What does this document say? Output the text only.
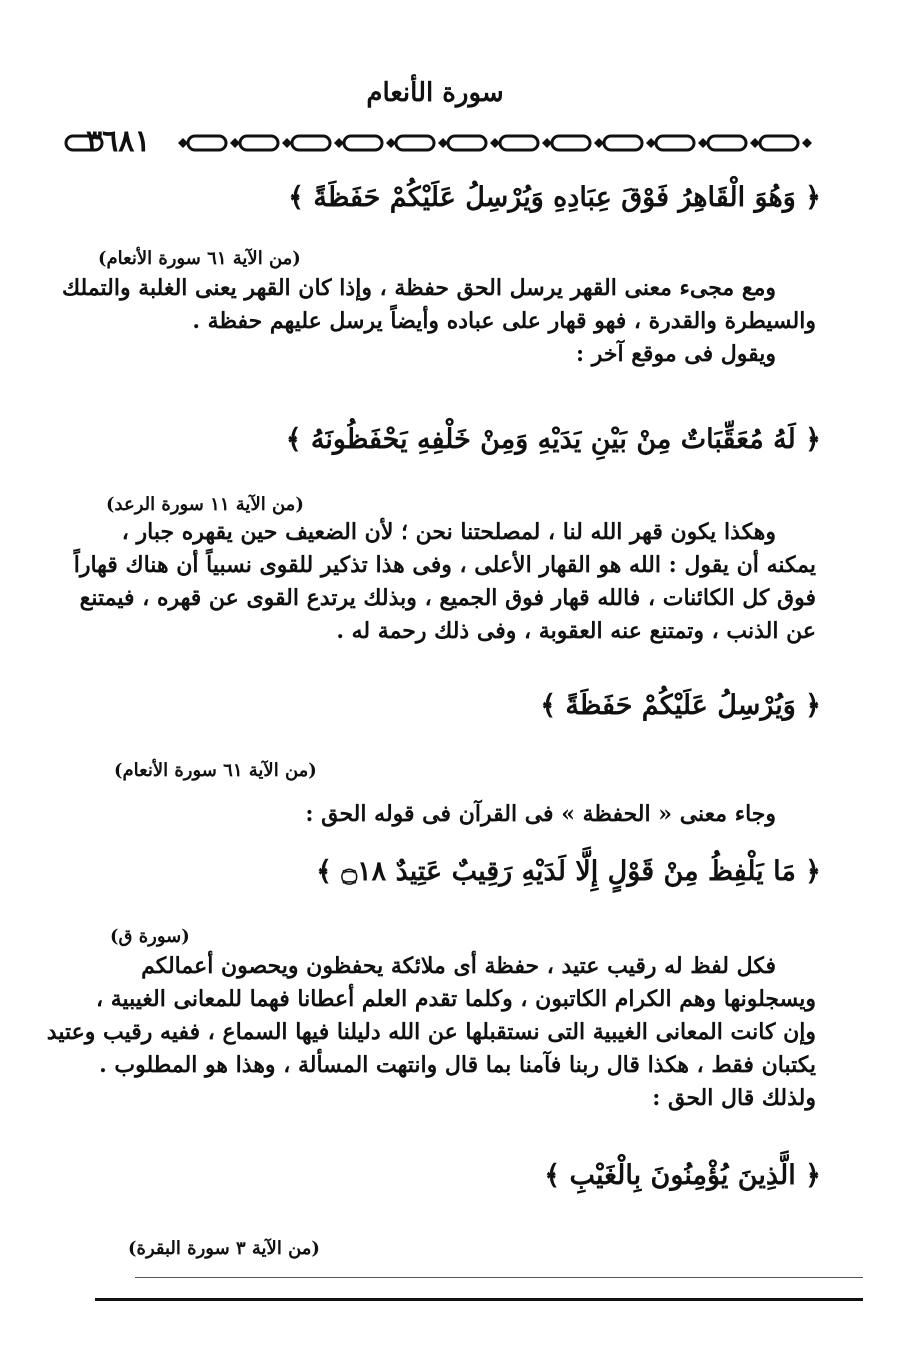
سورة الأنعام
٣٦٨١
﴿ وَهُوَ الْقَاهِرُ فَوْقَ عِبَادِهِ وَيُرْسِلُ عَلَيْكُمْ حَفَظَةً ﴾
(من الآية ٦١ سورة الأنعام)
ومع مجىء معنى القهر يرسل الحق حفظة ، وإذا كان القهر يعنى الغلبة والتملك
والسيطرة والقدرة ، فهو قهار على عباده وأيضاً يرسل عليهم حفظة .
ويقول فى موقع آخر :
﴿ لَهُ مُعَقِّبَاتٌ مِنْ بَيْنِ يَدَيْهِ وَمِنْ خَلْفِهِ يَحْفَظُونَهُ ﴾
(من الآية ١١ سورة الرعد)
وهكذا يكون قهر الله لنا ، لمصلحتنا نحن ؛ لأن الضعيف حين يقهره جبار ،
يمكنه أن يقول : الله هو القهار الأعلى ، وفى هذا تذكير للقوى نسبياً أن هناك قهاراً
فوق كل الكائنات ، فالله قهار فوق الجميع ، وبذلك يرتدع القوى عن قهره ، فيمتنع
عن الذنب ، وتمتنع عنه العقوبة ، وفى ذلك رحمة له .
﴿ وَيُرْسِلُ عَلَيْكُمْ حَفَظَةً ﴾
(من الآية ٦١ سورة الأنعام)
وجاء معنى « الحفظة » فى القرآن فى قوله الحق :
﴿ مَا يَلْفِظُ مِنْ قَوْلٍ إِلَّا لَدَيْهِ رَقِيبٌ عَتِيدٌ ۝١٨ ﴾
(سورة ق)
فكل لفظ له رقيب عتيد ، حفظة أى ملائكة يحفظون ويحصون أعمالكم
ويسجلونها وهم الكرام الكاتبون ، وكلما تقدم العلم أعطانا فهما للمعانى الغيبية ،
وإن كانت المعانى الغيبية التى نستقبلها عن الله دليلنا فيها السماع ، ففيه رقيب وعتيد
يكتبان فقط ، هكذا قال ربنا فآمنا بما قال وانتهت المسألة ، وهذا هو المطلوب .
ولذلك قال الحق :
﴿ الَّذِينَ يُؤْمِنُونَ بِالْغَيْبِ ﴾
(من الآية ٣ سورة البقرة)
